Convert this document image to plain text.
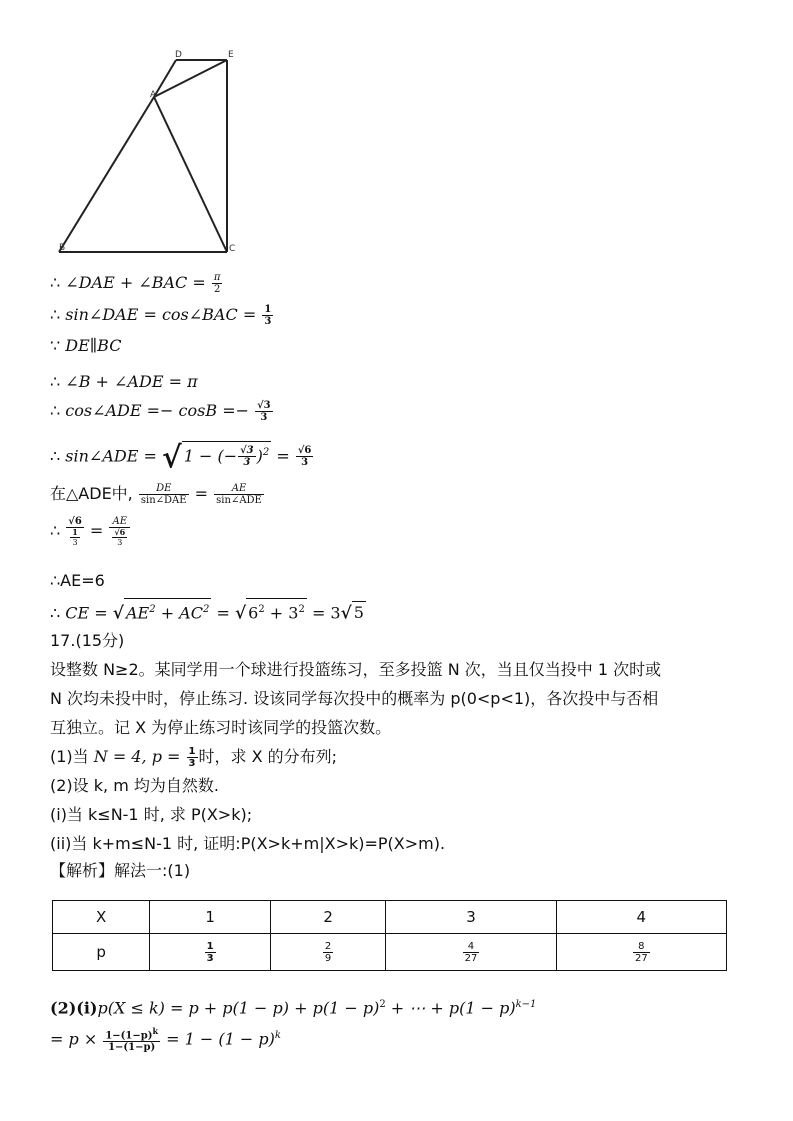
D	E
A
B	C
∴ ∠DAE + ∠BAC = $\frac{\pi}{2}$
∴ sin∠DAE = cos∠BAC = $\frac{1}{3}$
∵ DE∥BC
∴ ∠B + ∠ADE = π
∴ cos∠ADE =− $\cos B =- \frac{√3}{3}$
∴ sin∠ADE = √ 1 − (− $\frac{√3}{3} )^2 = \frac{√6}{3}$
在△ADE中, $\frac{DE}{\text{sin∠DAE}} = \frac{AE}{\text{sin∠ADE}}$
∴ $\frac{√6}{\frac{1}{3}} = \frac{AE}{\frac{√6}{3}}$
∴AE=6
∴ CE = √ $AE^2 + AC^2$ = √ $6^2 + 3^2 = 3√$ 5

17.(15分)

设整数 N≥2。某同学用一个球进行投篮练习，至多投篮 N 次，当且仅当投中 1 次时或

N 次均未投中时，停止练习. 设该同学每次投中的概率为 p(0<p<1)，各次投中与否相

互独立。记 X 为停止练习时该同学的投篮次数。

(1)当 N = 4, $p = \frac{1}{3}$ 时，求 X 的分布列;

(2)设 k, m 均为自然数.

(i)当 k≤N-1 时, 求 P(X>k);

(ii)当 k+m≤N-1 时, 证明:P(X>k+m|X>k)=P(X>m).

【解析】解法一:(1)

X	1	2	3	4
p	$\frac{1}{3}$	$\frac{2}{9}$	$\frac{4}{27}$	$\frac{8}{27}$
$(2)(i)p(X \le k) = p + p(1 - p) + p(1 - p)^2$ + ⋯ + $p(1 - p)^{k-1}$
= $p \times \frac{1-(1-p)^k}{1-(1-p)} = 1 - (1 - p)^k$
